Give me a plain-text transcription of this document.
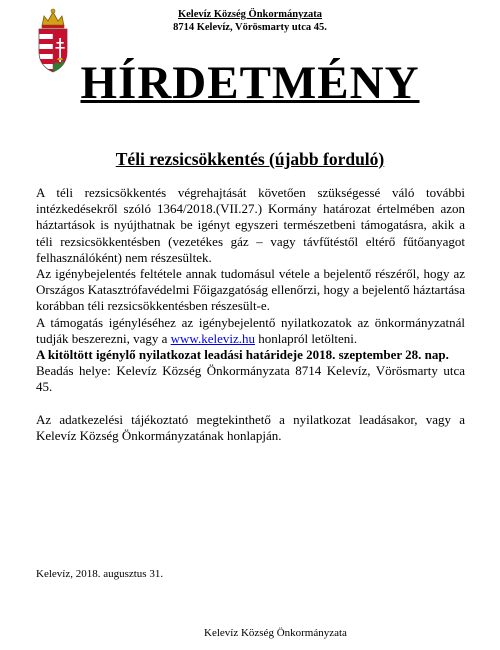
Kelevíz Község Önkormányzata
8714 Kelevíz, Vörösmarty utca 45.
HÍRDETMÉNY
Téli rezsicsökkentés (újabb forduló)

A téli rezsicsökkentés végrehajtását követően szükségessé váló további intézkedésekről szóló 1364/2018.(VII.27.) Kormány határozat értelmében azon háztartások is nyújthatnak be igényt egyszeri természetbeni támogatásra, akik a téli rezsicsökkentésben (vezetékes gáz – vagy távfűtéstől eltérő fűtőanyagot felhasználóként) nem részesültek.

Az igénybejelentés feltétele annak tudomásul vétele a bejelentő részéről, hogy az Országos Katasztrófavédelmi Főigazgatóság ellenőrzi, hogy a bejelentő háztartása korábban téli rezsicsökkentésben részesült-e.

A támogatás igényléséhez az igénybejelentő nyilatkozatok az önkormányzatnál tudják beszerezni, vagy a www.keleviz.hu honlapról letölteni.

A kitöltött igénylő nyilatkozat leadási határideje 2018. szeptember 28. nap.

Beadás helye: Kelevíz Község Önkormányzata 8714 Kelevíz, Vörösmarty utca 45.

Az adatkezelési tájékoztató megtekinthető a nyilatkozat leadásakor, vagy a Kelevíz Község Önkormányzatának honlapján.

Kelevíz, 2018. augusztus 31.
Kelevíz Község Önkormányzata
